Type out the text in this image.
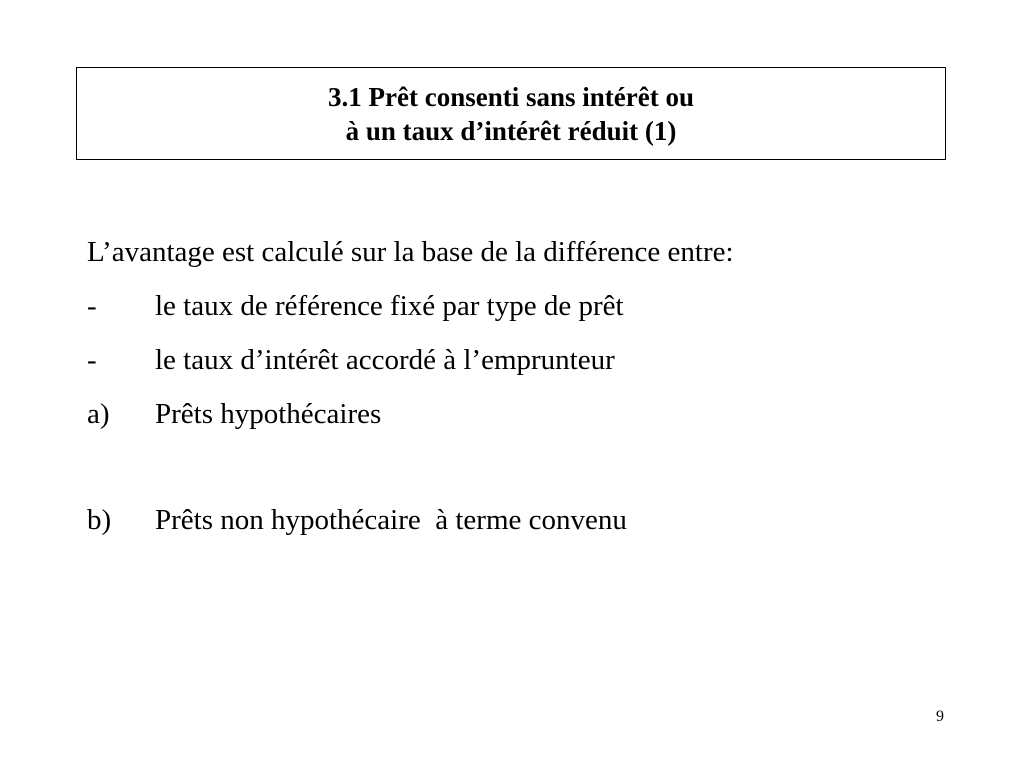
3.1 Prêt consenti sans intérêt ou
à un taux d’intérêt réduit (1)
L’avantage est calculé sur la base de la différence entre:
-	le taux de référence fixé par type de prêt
-	le taux d’intérêt accordé à l’emprunteur
a)	Prêts hypothécaires
b)	Prêts non hypothécaire  à terme convenu
9
